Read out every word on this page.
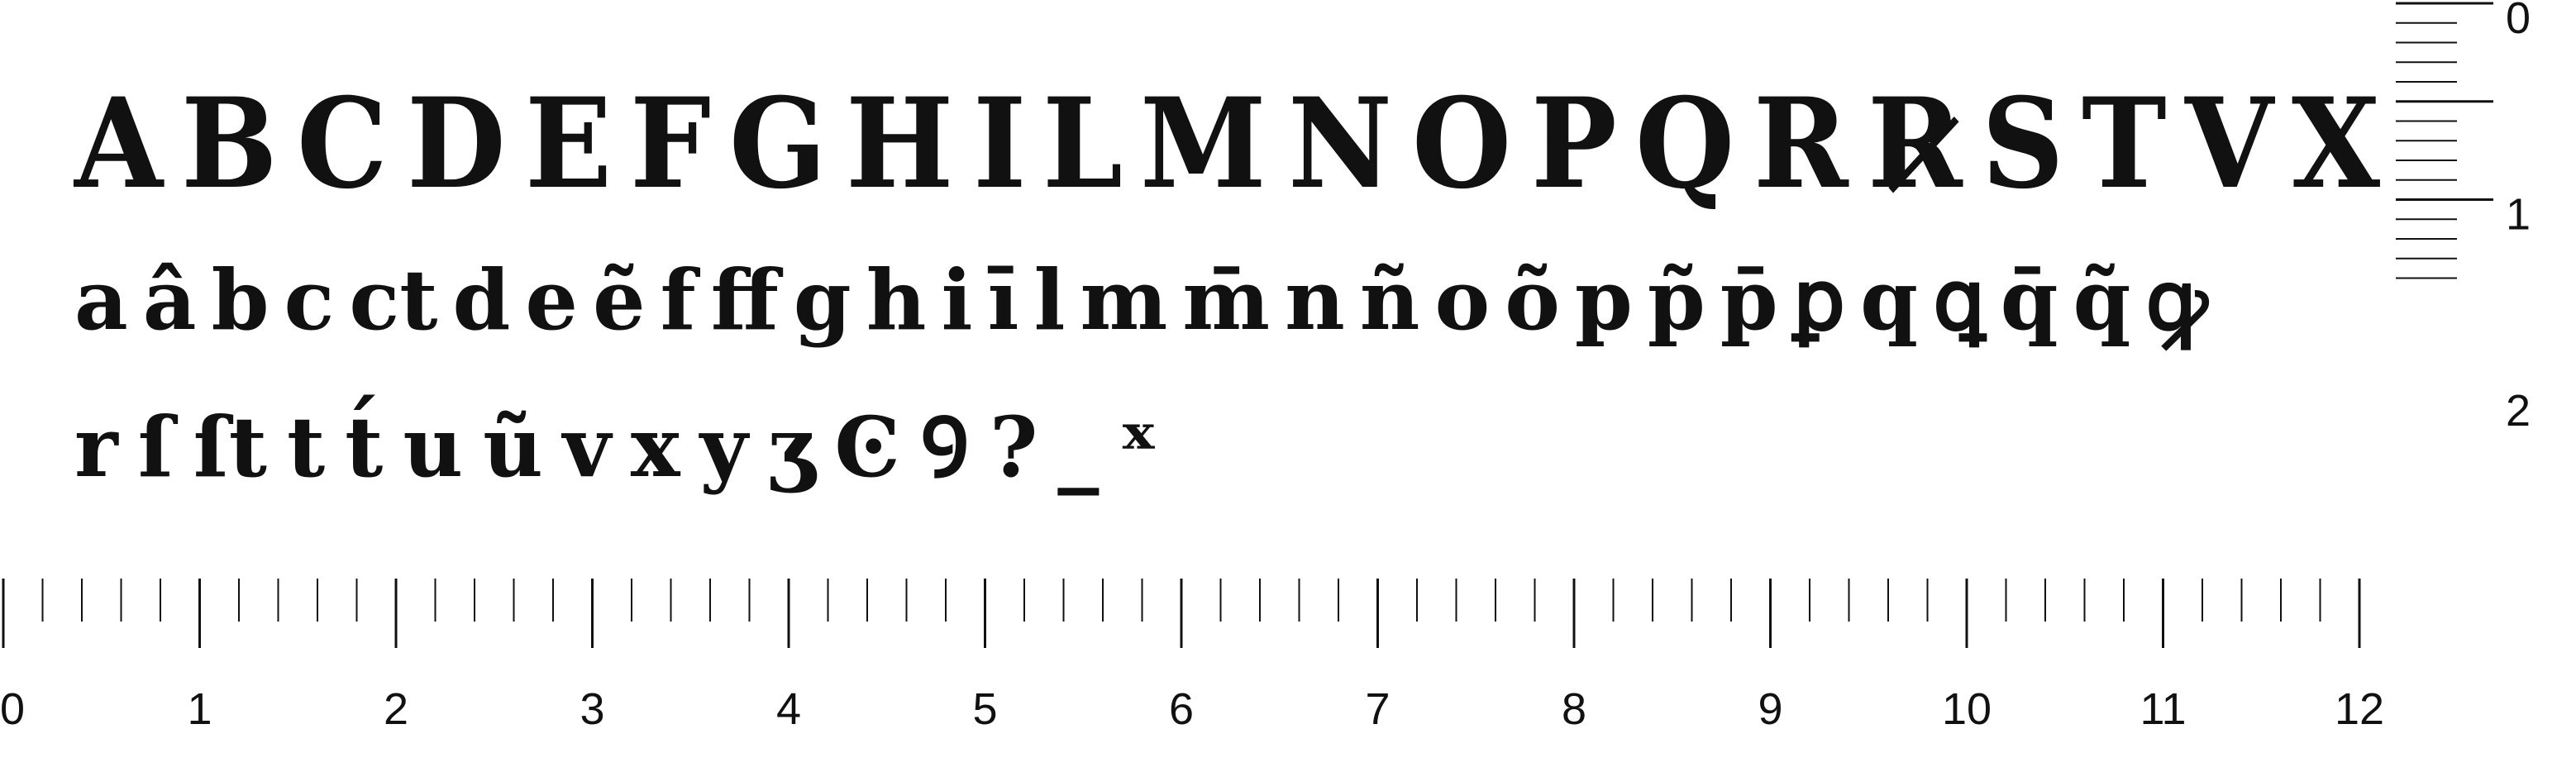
A B C D E F G H I L M N O P Q R R̷ S T V X
a â b c ct d e ẽ f ff g h i ī l m m̄ n ñ o õ p p̃ p̄ ꝑ q ꝗ q̄ q̃ ꝙ
r ſ ſt t t́ u ũ v x y ʒ Ͼ Ꝯ ? _ ˣ
0	1	2	3	4	5	6	7	8	9	10	11	12
0
1
2
